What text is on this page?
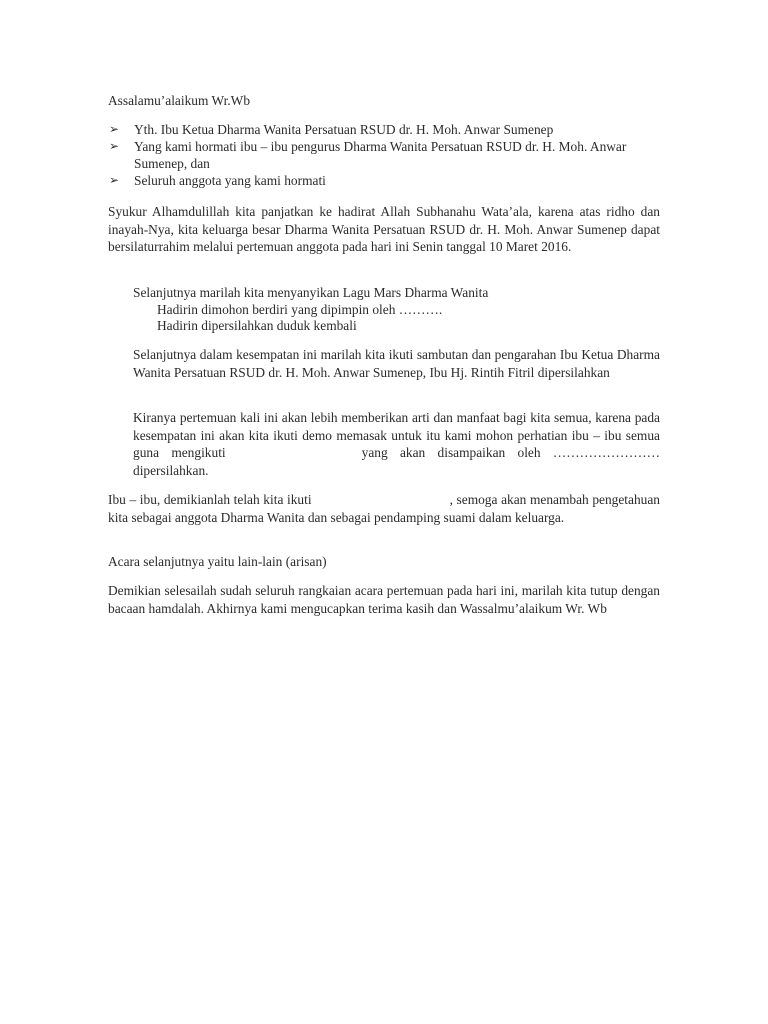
Assalamu’alaikum Wr.Wb
➢ Yth. Ibu Ketua Dharma Wanita Persatuan RSUD dr. H. Moh. Anwar Sumenep
➢ Yang kami hormati ibu – ibu pengurus Dharma Wanita Persatuan RSUD dr. H. Moh. Anwar Sumenep, dan
➢ Seluruh anggota yang kami hormati

Syukur Alhamdulillah kita panjatkan ke hadirat Allah Subhanahu Wata’ala, karena atas ridho dan inayah-Nya, kita keluarga besar Dharma Wanita Persatuan RSUD dr. H. Moh. Anwar Sumenep dapat bersilaturrahim melalui pertemuan anggota pada hari ini Senin tanggal 10 Maret 2016.

Selanjutnya marilah kita menyanyikan Lagu Mars Dharma Wanita
Hadirin dimohon berdiri yang dipimpin oleh ……….
Hadirin dipersilahkan duduk kembali

Selanjutnya dalam kesempatan ini marilah kita ikuti sambutan dan pengarahan Ibu Ketua Dharma Wanita Persatuan RSUD dr. H. Moh. Anwar Sumenep, Ibu Hj. Rintih Fitril dipersilahkan

Kiranya pertemuan kali ini akan lebih memberikan arti dan manfaat bagi kita semua, karena pada kesempatan ini akan kita ikuti demo memasak untuk itu kami mohon perhatian ibu – ibu semua guna mengikuti	yang akan disampaikan oleh ……………………dipersilahkan.

Ibu – ibu, demikianlah telah kita ikuti	, semoga akan menambah pengetahuan kita sebagai anggota Dharma Wanita dan sebagai pendamping suami dalam keluarga.

Acara selanjutnya yaitu lain-lain (arisan)

Demikian selesailah sudah seluruh rangkaian acara pertemuan pada hari ini, marilah kita tutup dengan bacaan hamdalah. Akhirnya kami mengucapkan terima kasih dan Wassalmu’alaikum Wr. Wb
